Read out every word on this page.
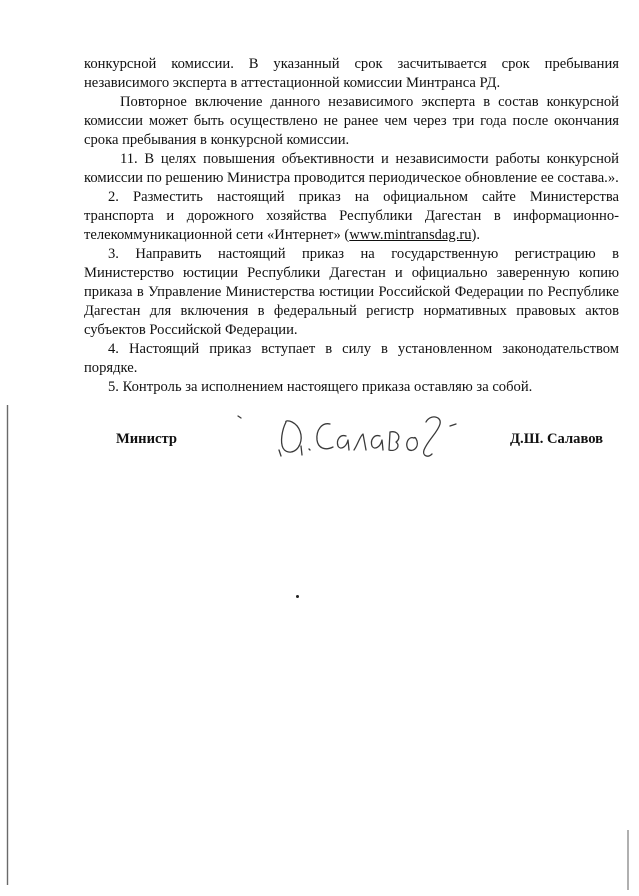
конкурсной комиссии. В указанный срок засчитывается срок пребывания независимого эксперта в аттестационной комиссии Минтранса РД.

Повторное включение данного независимого эксперта в состав конкурсной комиссии может быть осуществлено не ранее чем через три года после окончания срока пребывания в конкурсной комиссии.

11. В целях повышения объективности и независимости работы конкурсной комиссии по решению Министра проводится периодическое обновление ее состава.».

2. Разместить настоящий приказ на официальном сайте Министерства транспорта и дорожного хозяйства Республики Дагестан в информационно-телекоммуникационной сети «Интернет» (www.mintransdag.ru).

3. Направить настоящий приказ на государственную регистрацию в Министерство юстиции Республики Дагестан и официально заверенную копию приказа в Управление Министерства юстиции Российской Федерации по Республике Дагестан для включения в федеральный регистр нормативных правовых актов субъектов Российской Федерации.

4. Настоящий приказ вступает в силу в установленном законодательством порядке.

5. Контроль за исполнением настоящего приказа оставляю за собой.

Министр	Д.Ш. Салавов
